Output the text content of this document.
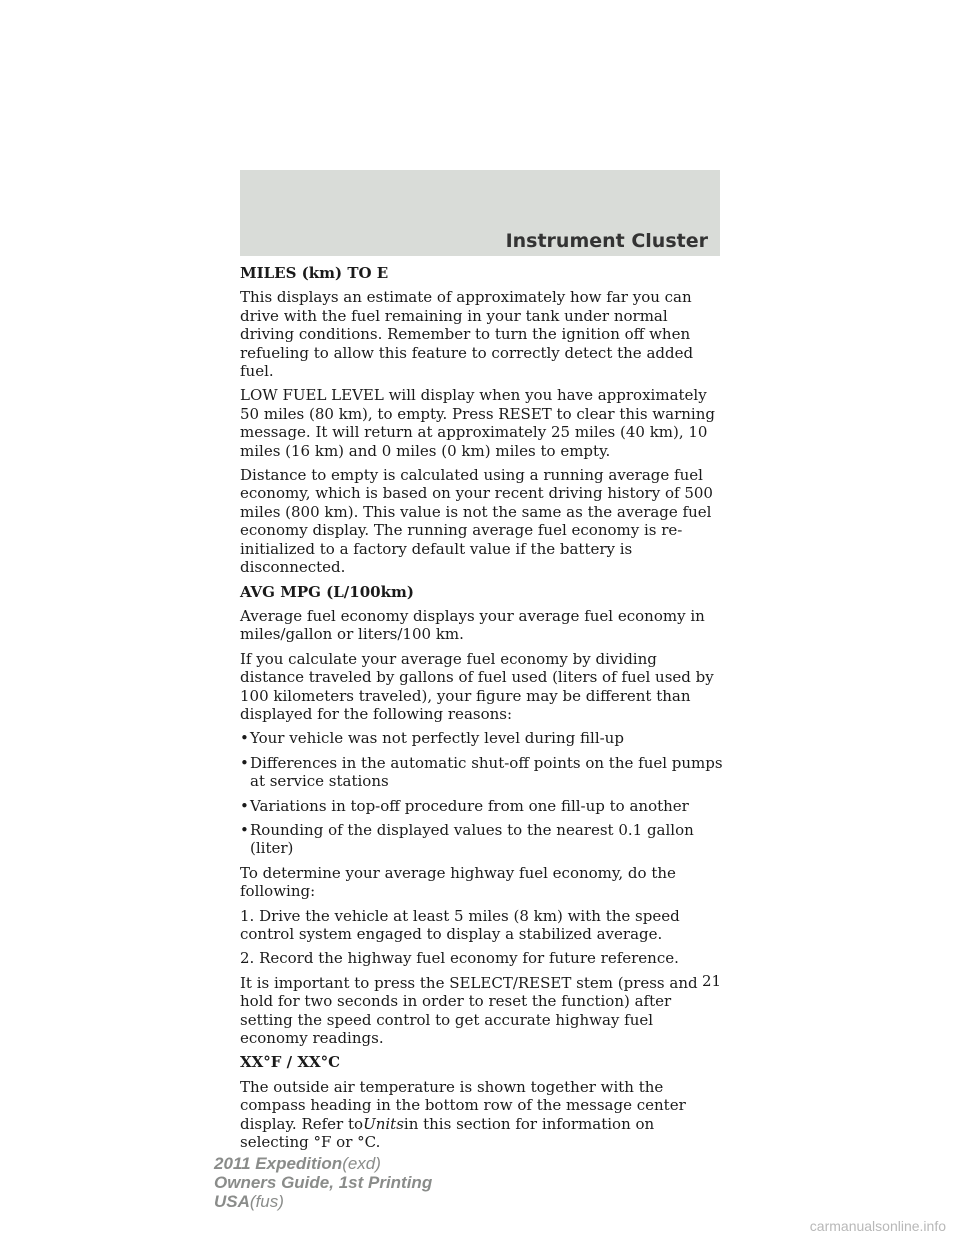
Instrument Cluster
MILES (km) TO E

This displays an estimate of approximately how far you can drive with the fuel remaining in your tank under normal driving conditions. Remember to turn the ignition off when refueling to allow this feature to correctly detect the added fuel.

LOW FUEL LEVEL will display when you have approximately 50 miles (80 km), to empty. Press RESET to clear this warning message. It will return at approximately 25 miles (40 km), 10 miles (16 km) and 0 miles (0 km) miles to empty.

Distance to empty is calculated using a running average fuel economy, which is based on your recent driving history of 500 miles (800 km). This value is not the same as the average fuel economy display. The running average fuel economy is re-initialized to a factory default value if the battery is disconnected.

AVG MPG (L/100km)

Average fuel economy displays your average fuel economy in miles/gallon or liters/100 km.

If you calculate your average fuel economy by dividing distance traveled by gallons of fuel used (liters of fuel used by 100 kilometers traveled), your figure may be different than displayed for the following reasons:

• Your vehicle was not perfectly level during fill-up
• Differences in the automatic shut-off points on the fuel pumps at service stations
• Variations in top-off procedure from one fill-up to another
• Rounding of the displayed values to the nearest 0.1 gallon (liter)

To determine your average highway fuel economy, do the following:

1. Drive the vehicle at least 5 miles (8 km) with the speed control system engaged to display a stabilized average.

2. Record the highway fuel economy for future reference.

It is important to press the SELECT/RESET stem (press and hold for two seconds in order to reset the function) after setting the speed control to get accurate highway fuel economy readings.

XX°F / XX°C

The outside air temperature is shown together with the compass heading in the bottom row of the message center display. Refer toUnitsin this section for information on selecting °F or °C.

21
2011 Expedition(exd)
Owners Guide, 1st Printing
USA(fus)
carmanualsonline.info
